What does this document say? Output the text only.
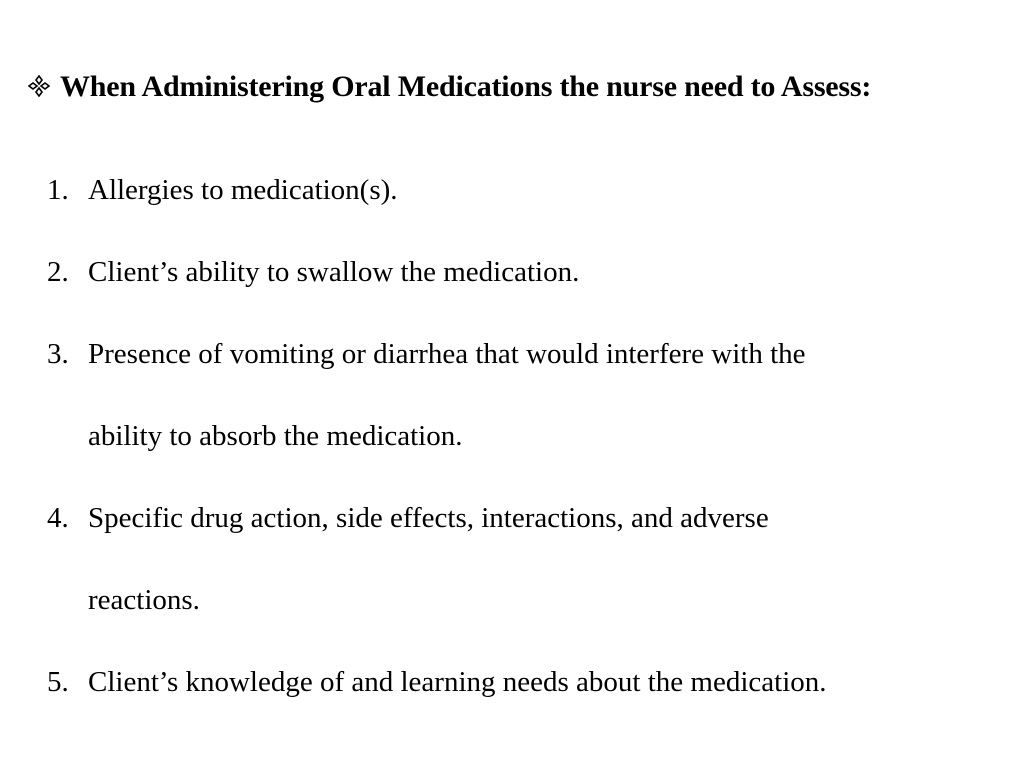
When Administering Oral Medications the nurse need to Assess:
1. Allergies to medication(s).
2. Client’s ability to swallow the medication.
3. Presence of vomiting or diarrhea that would interfere with the
ability to absorb the medication.
4. Specific drug action, side effects, interactions, and adverse
reactions.
5. Client’s knowledge of and learning needs about the medication.
